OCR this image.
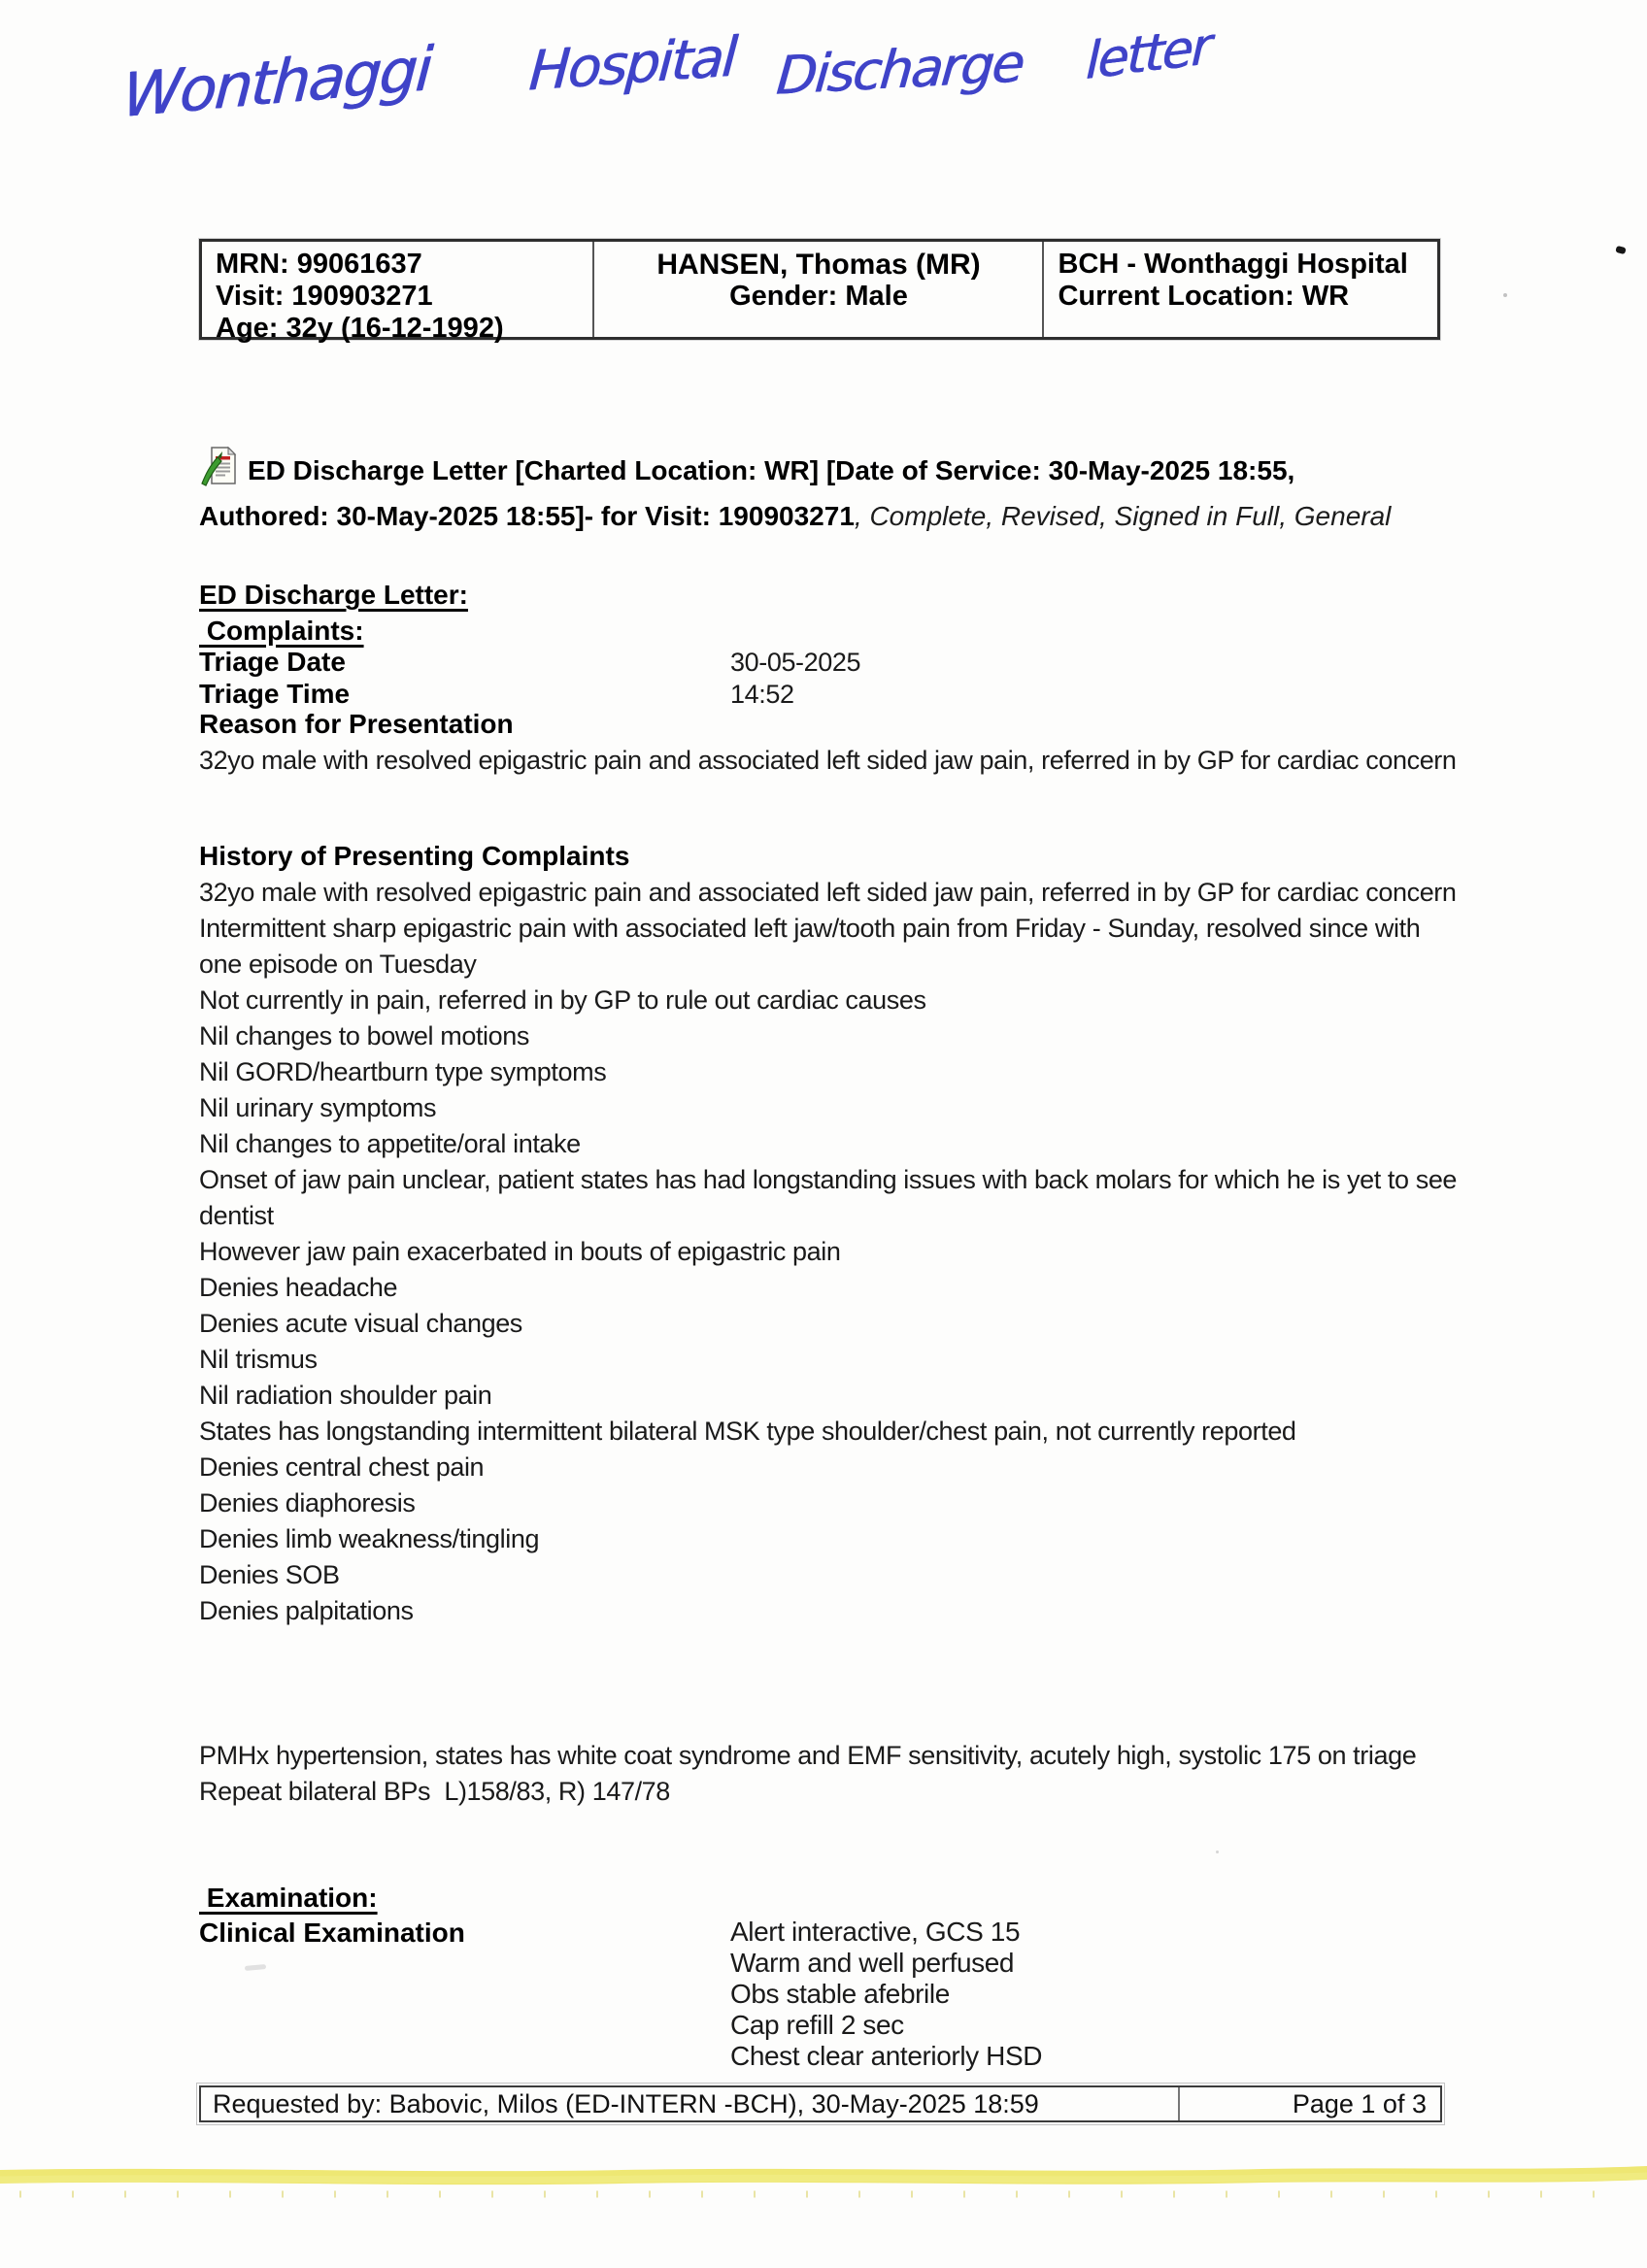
Wonthaggi Hospital Discharge letter
MRN: 99061637
Visit: 190903271
Age: 32y (16-12-1992)
HANSEN, Thomas (MR)
Gender: Male
BCH - Wonthaggi Hospital
Current Location: WR
ED Discharge Letter [Charted Location: WR] [Date of Service: 30-May-2025 18:55, Authored: 30-May-2025 18:55]- for Visit: 190903271, Complete, Revised, Signed in Full, General
ED Discharge Letter:
Complaints:
Triage Date	30-05-2025
Triage Time	14:52
Reason for Presentation

32yo male with resolved epigastric pain and associated left sided jaw pain, referred in by GP for cardiac concern

History of Presenting Complaints

32yo male with resolved epigastric pain and associated left sided jaw pain, referred in by GP for cardiac concern

Intermittent sharp epigastric pain with associated left jaw/tooth pain from Friday - Sunday, resolved since with one episode on Tuesday

Not currently in pain, referred in by GP to rule out cardiac causes

Nil changes to bowel motions

Nil GORD/heartburn type symptoms

Nil urinary symptoms

Nil changes to appetite/oral intake

Onset of jaw pain unclear, patient states has had longstanding issues with back molars for which he is yet to see dentist

However jaw pain exacerbated in bouts of epigastric pain

Denies headache

Denies acute visual changes

Nil trismus

Nil radiation shoulder pain

States has longstanding intermittent bilateral MSK type shoulder/chest pain, not currently reported

Denies central chest pain

Denies diaphoresis

Denies limb weakness/tingling

Denies SOB

Denies palpitations

PMHx hypertension, states has white coat syndrome and EMF sensitivity, acutely high, systolic 175 on triage

Repeat bilateral BPs  L)158/83, R) 147/78

Examination:
Clinical Examination	Alert interactive, GCS 15

Warm and well perfused

Obs stable afebrile

Cap refill 2 sec

Chest clear anteriorly HSD

Requested by: Babovic, Milos (ED-INTERN -BCH), 30-May-2025 18:59	Page 1 of 3
